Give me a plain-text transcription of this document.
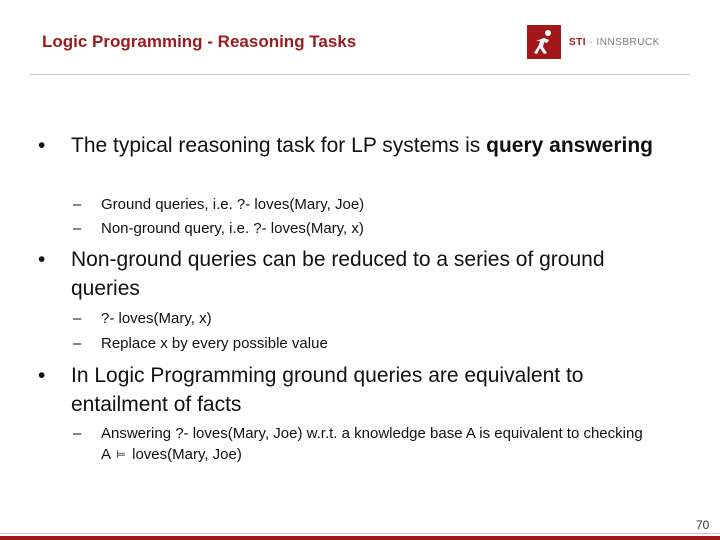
Logic Programming - Reasoning Tasks	STI · INNSBRUCK
• The typical reasoning task for LP systems is query answering
– Ground queries, i.e. ?- loves(Mary, Joe)
– Non-ground query, i.e. ?- loves(Mary, x)
• Non-ground queries can be reduced to a series of ground queries
– ?- loves(Mary, x)
– Replace x by every possible value
• In Logic Programming ground queries are equivalent to entailment of facts
– Answering ?- loves(Mary, Joe) w.r.t. a knowledge base A is equivalent to checking
A ⊨ loves(Mary, Joe)
70
